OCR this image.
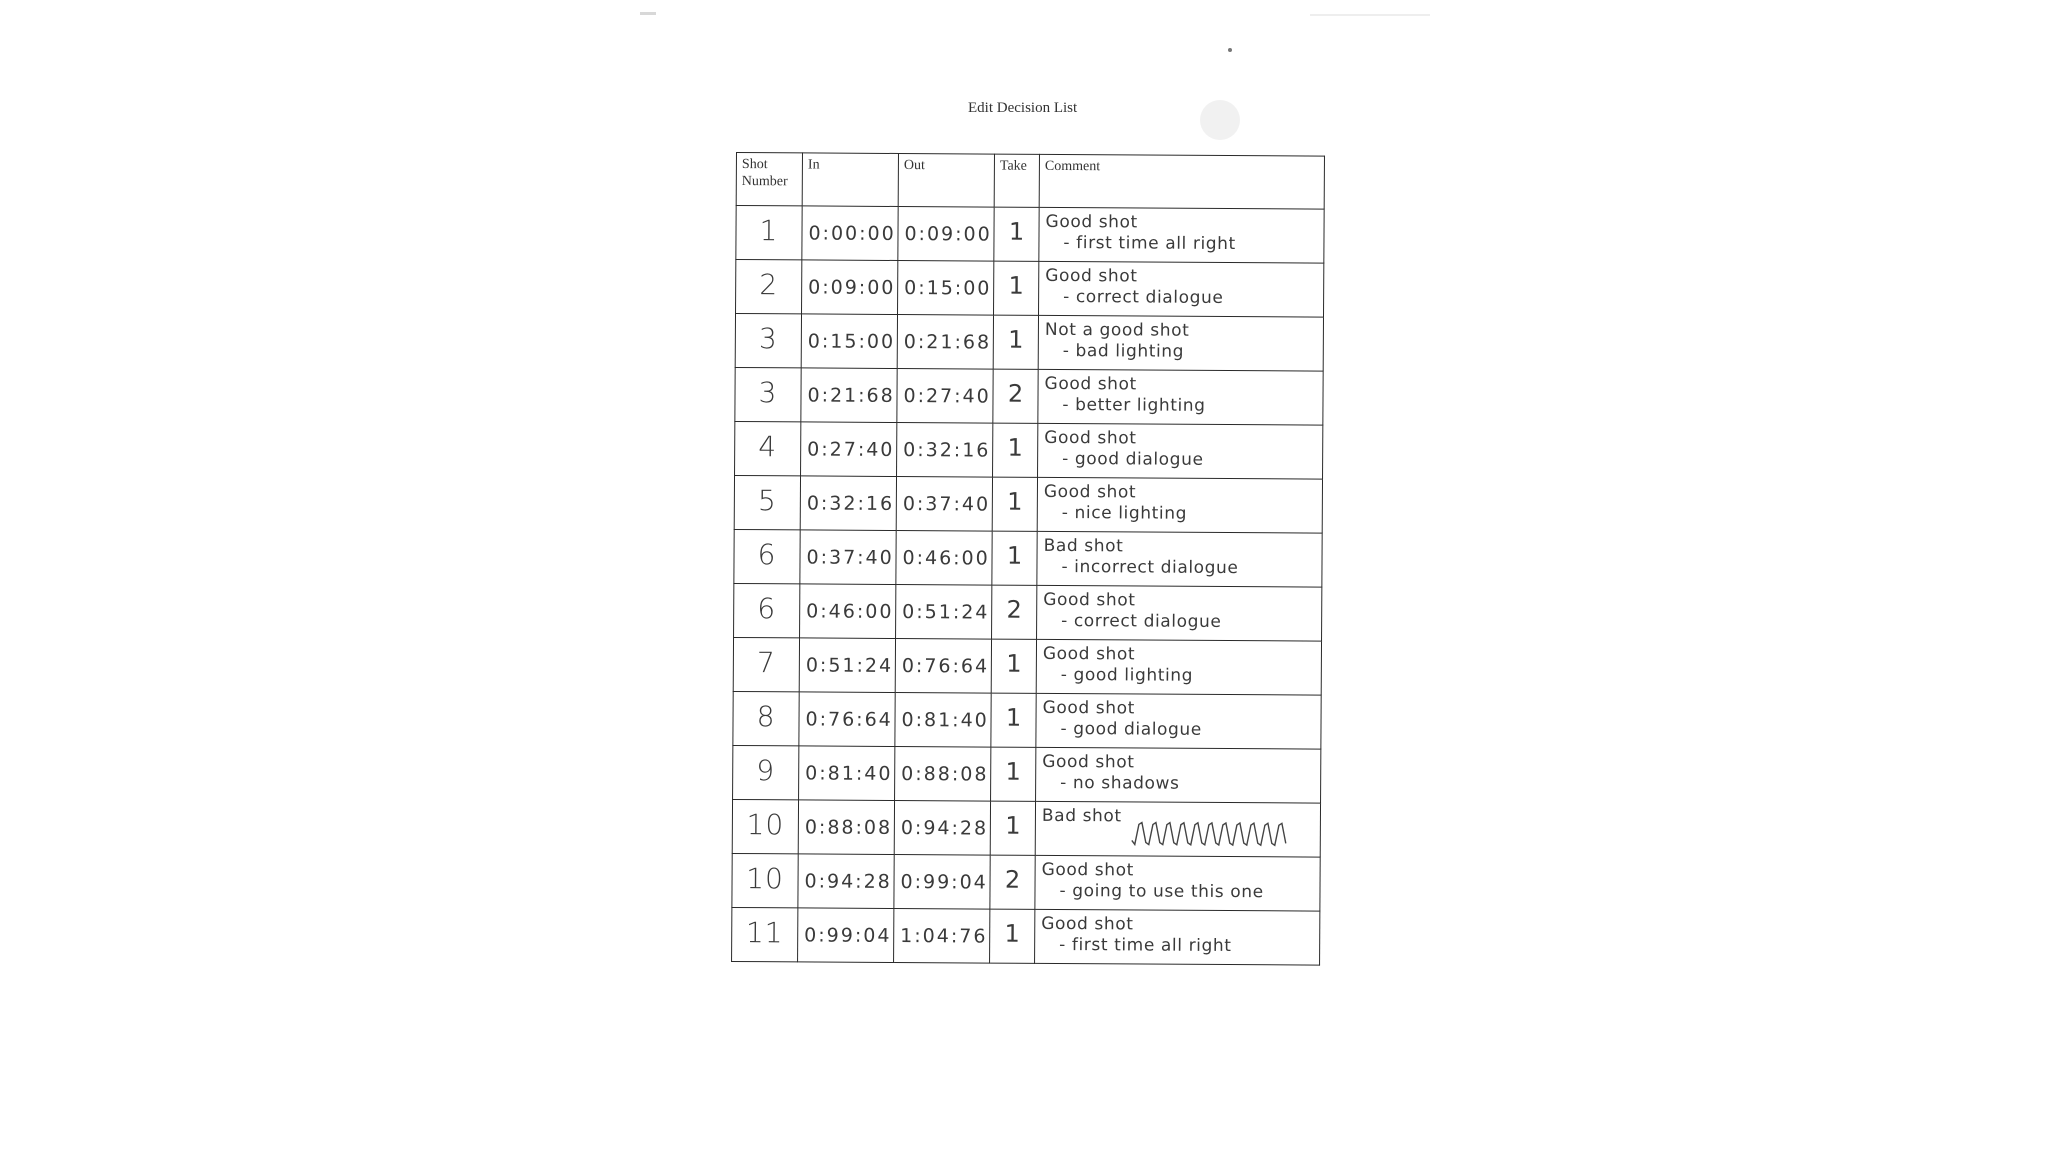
Edit Decision List
Shot Number	In	Out	Take	Comment

1	0:00:00	0:09:00	1	Good shot
- first time all right

2	0:09:00	0:15:00	1	Good shot
- correct dialogue

3	0:15:00	0:21:68	1	Not a good shot
- bad lighting

3	0:21:68	0:27:40	2	Good shot
- better lighting

4	0:27:40	0:32:16	1	Good shot
- good dialogue

5	0:32:16	0:37:40	1	Good shot
- nice lighting

6	0:37:40	0:46:00	1	Bad shot
- incorrect dialogue

6	0:46:00	0:51:24	2	Good shot
- correct dialogue

7	0:51:24	0:76:64	1	Good shot
- good lighting

8	0:76:64	0:81:40	1	Good shot
- good dialogue

9	0:81:40	0:88:08	1	Good shot
- no shadows

10	0:88:08	0:94:28	1	Bad shot

10	0:94:28	0:99:04	2	Good shot
- going to use this one

11	0:99:04	1:04:76	1	Good shot
- first time all right
